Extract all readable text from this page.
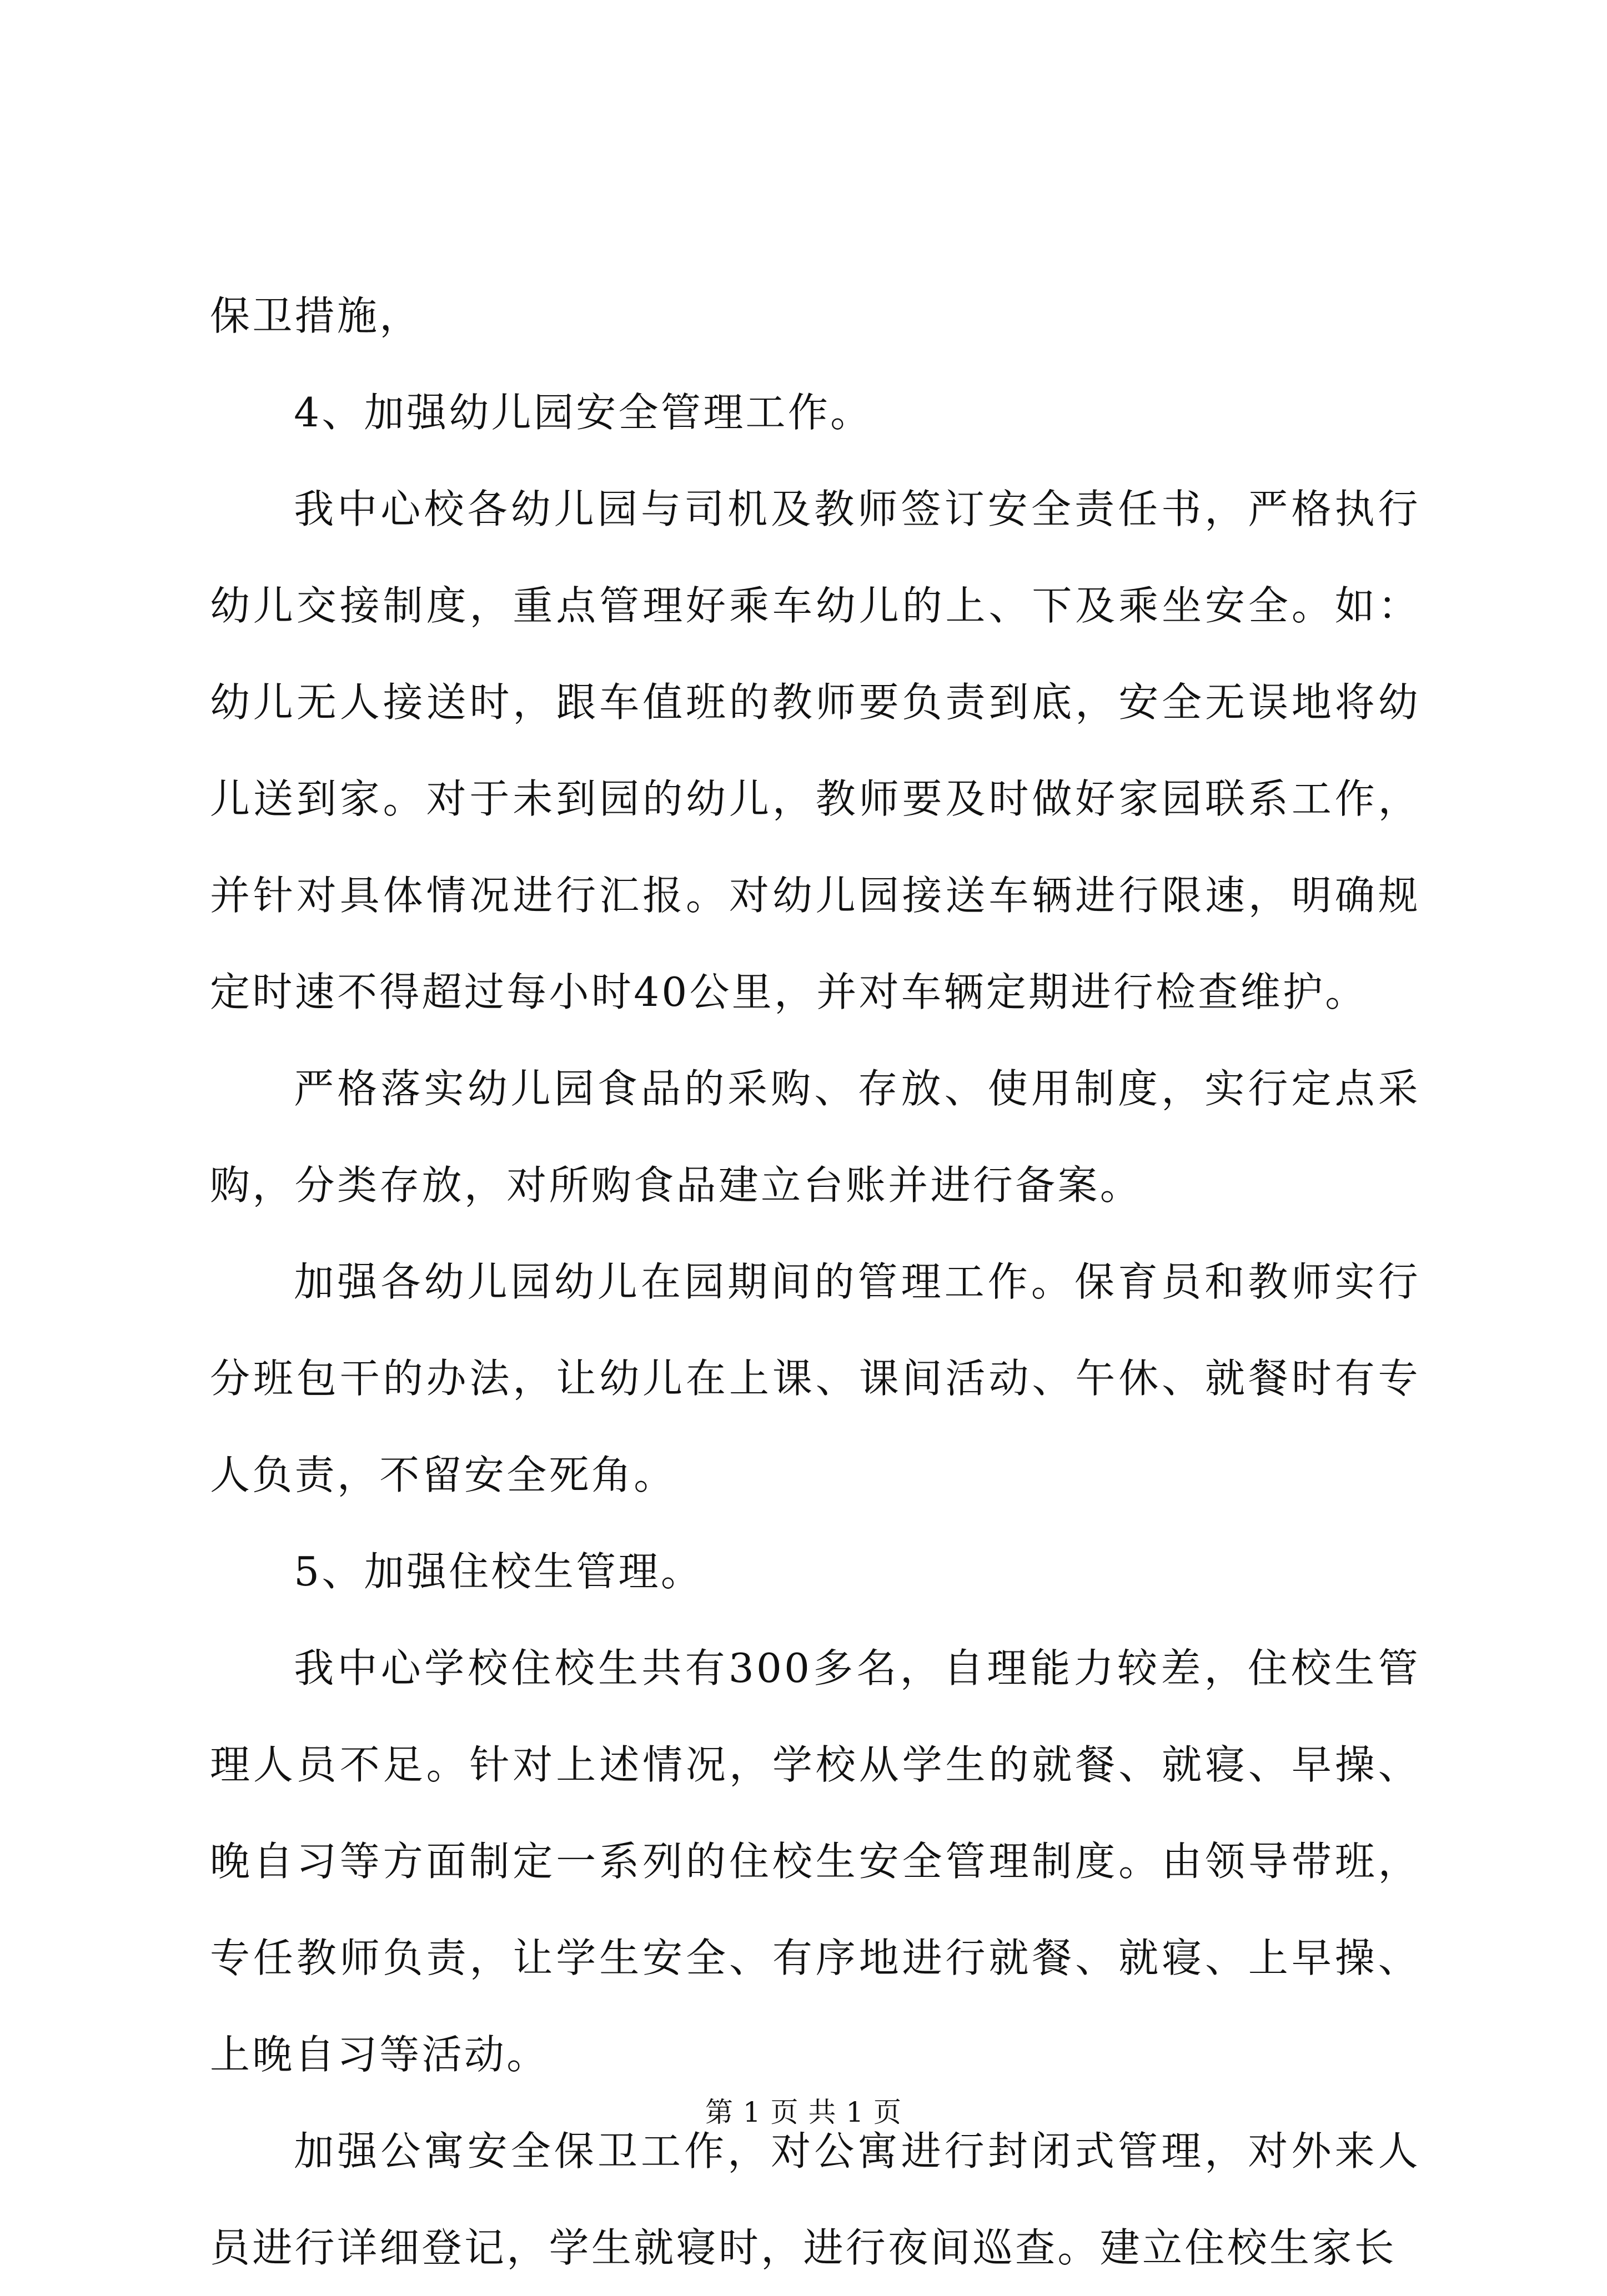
保卫措施，

4、加强幼儿园安全管理工作。

我中心校各幼儿园与司机及教师签订安全责任书，严格执行幼儿交接制度，重点管理好乘车幼儿的上、下及乘坐安全。如：幼儿无人接送时，跟车值班的教师要负责到底，安全无误地将幼儿送到家。对于未到园的幼儿，教师要及时做好家园联系工作，并针对具体情况进行汇报。对幼儿园接送车辆进行限速，明确规定时速不得超过每小时40公里，并对车辆定期进行检查维护。

严格落实幼儿园食品的采购、存放、使用制度，实行定点采购，分类存放，对所购食品建立台账并进行备案。

加强各幼儿园幼儿在园期间的管理工作。保育员和教师实行分班包干的办法，让幼儿在上课、课间活动、午休、就餐时有专人负责，不留安全死角。

5、加强住校生管理。

我中心学校住校生共有300多名，自理能力较差，住校生管理人员不足。针对上述情况，学校从学生的就餐、就寝、早操、晚自习等方面制定一系列的住校生安全管理制度。由领导带班，专任教师负责，让学生安全、有序地进行就餐、就寝、上早操、上晚自习等活动。

加强公寓安全保卫工作，对公寓进行封闭式管理，对外来人员进行详细登记，学生就寝时，进行夜间巡查。建立住校生家长

第 1 页 共 1 页
